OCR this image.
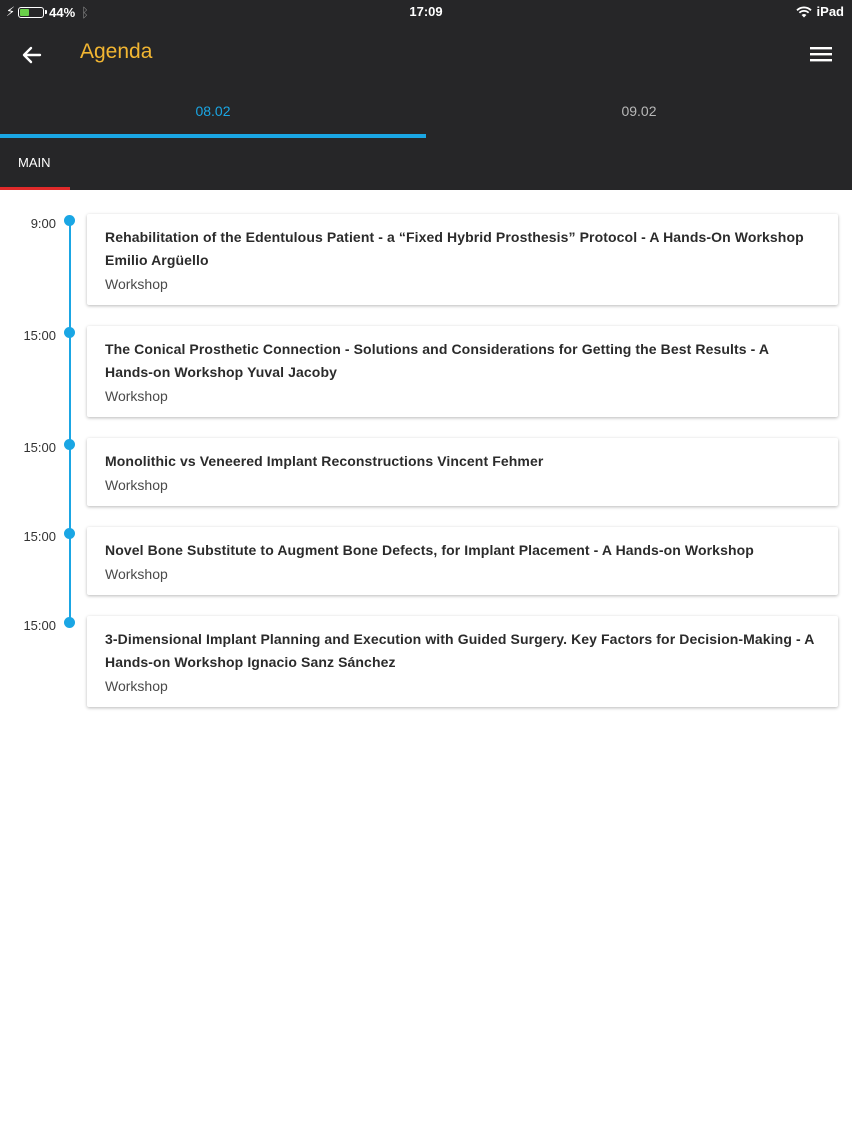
⚡	44% ᛒ	17:09	iPad
Agenda
08.02	09.02
MAIN
9:00
Rehabilitation of the Edentulous Patient - a “Fixed Hybrid Prosthesis” Protocol - A Hands-On Workshop Emilio Argüello
Workshop
15:00
The Conical Prosthetic Connection - Solutions and Considerations for Getting the Best Results - A Hands-on Workshop Yuval Jacoby
Workshop
15:00
Monolithic vs Veneered Implant Reconstructions Vincent Fehmer
Workshop
15:00
Novel Bone Substitute to Augment Bone Defects, for Implant Placement - A Hands-on Workshop
Workshop
15:00
3-Dimensional Implant Planning and Execution with Guided Surgery. Key Factors for Decision-Making - A Hands-on Workshop Ignacio Sanz Sánchez
Workshop
